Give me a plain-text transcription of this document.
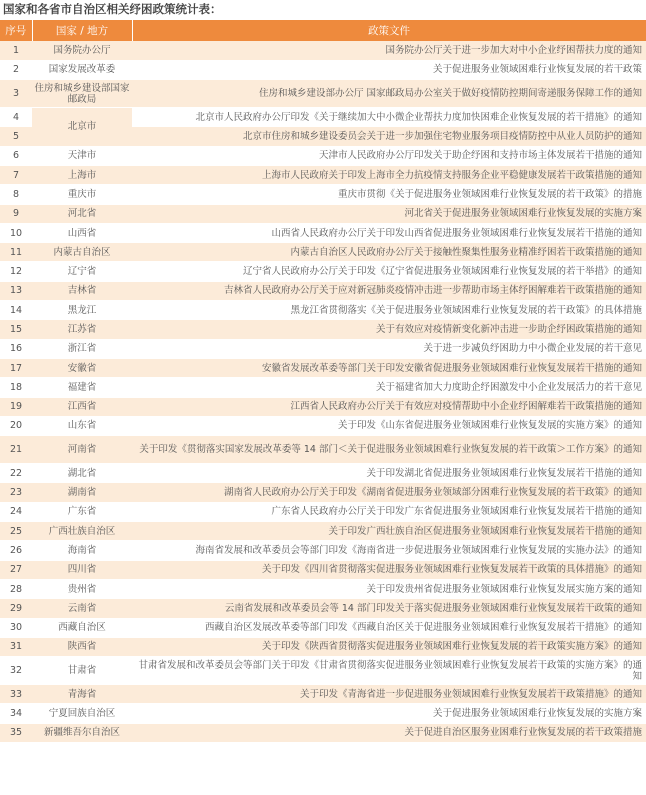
国家和各省市自治区相关纾困政策统计表：
序号	国家 / 地方	政策文件
1	国务院办公厅	国务院办公厅关于进一步加大对中小企业纾困帮扶力度的通知
2	国家发展改革委	关于促进服务业领域困难行业恢复发展的若干政策
3	住房和城乡建设部国家邮政局	住房和城乡建设部办公厅 国家邮政局办公室关于做好疫情防控期间寄递服务保障工作的通知
4	北京市	北京市人民政府办公厅印发《关于继续加大中小微企业帮扶力度加快困难企业恢复发展的若干措施》的通知
5		北京市住房和城乡建设委员会关于进一步加强住宅物业服务项目疫情防控中从业人员防护的通知
6	天津市	天津市人民政府办公厅印发关于助企纾困和支持市场主体发展若干措施的通知
7	上海市	上海市人民政府关于印发上海市全力抗疫情支持服务企业平稳健康发展若干政策措施的通知
8	重庆市	重庆市贯彻《关于促进服务业领域困难行业恢复发展的若干政策》的措施
9	河北省	河北省关于促进服务业领域困难行业恢复发展的实施方案
10	山西省	山西省人民政府办公厅关于印发山西省促进服务业领域困难行业恢复发展若干措施的通知
11	内蒙古自治区	内蒙古自治区人民政府办公厅关于接触性聚集性服务业精准纾困若干政策措施的通知
12	辽宁省	辽宁省人民政府办公厅关于印发《辽宁省促进服务业领域困难行业恢复发展的若干举措》的通知
13	吉林省	吉林省人民政府办公厅关于应对新冠肺炎疫情冲击进一步帮助市场主体纾困解难若干政策措施的通知
14	黑龙江	黑龙江省贯彻落实《关于促进服务业领域困难行业恢复发展的若干政策》的具体措施
15	江苏省	关于有效应对疫情新变化新冲击进一步助企纾困政策措施的通知
16	浙江省	关于进一步减负纾困助力中小微企业发展的若干意见
17	安徽省	安徽省发展改革委等部门关于印发安徽省促进服务业领域困难行业恢复发展若干措施的通知
18	福建省	关于福建省加大力度助企纾困激发中小企业发展活力的若干意见
19	江西省	江西省人民政府办公厅关于有效应对疫情帮助中小企业纾困解难若干政策措施的通知
20	山东省	关于印发《山东省促进服务业领域困难行业恢复发展的实施方案》的通知
21	河南省	关于印发《贯彻落实国家发展改革委等 14 部门＜关于促进服务业领域困难行业恢复发展的若干政策＞工作方案》的通知
22	湖北省	关于印发湖北省促进服务业领域困难行业恢复发展若干措施的通知
23	湖南省	湖南省人民政府办公厅关于印发《湖南省促进服务业领域部分困难行业恢复发展的若干政策》的通知
24	广东省	广东省人民政府办公厅关于印发广东省促进服务业领域困难行业恢复发展若干措施的通知
25	广西壮族自治区	关于印发广西壮族自治区促进服务业领域困难行业恢复发展若干措施的通知
26	海南省	海南省发展和改革委员会等部门印发《海南省进一步促进服务业领域困难行业恢复发展的实施办法》的通知
27	四川省	关于印发《四川省贯彻落实促进服务业领域困难行业恢复发展若干政策的具体措施》的通知
28	贵州省	关于印发贵州省促进服务业领域困难行业恢复发展实施方案的通知
29	云南省	云南省发展和改革委员会等 14 部门印发关于落实促进服务业领域困难行业恢复发展若干政策的通知
30	西藏自治区	西藏自治区发展改革委等部门印发《西藏自治区关于促进服务业领域困难行业恢复发展若干措施》的通知
31	陕西省	关于印发《陕西省贯彻落实促进服务业领域困难行业恢复发展的若干政策实施方案》的通知
32	甘肃省	甘肃省发展和改革委员会等部门关于印发《甘肃省贯彻落实促进服务业领域困难行业恢复发展若干政策的实施方案》的通知
33	青海省	关于印发《青海省进一步促进服务业领域困难行业恢复发展若干政策措施》的通知
34	宁夏回族自治区	关于促进服务业领域困难行业恢复发展的实施方案
35	新疆维吾尔自治区	关于促进自治区服务业困难行业恢复发展的若干政策措施
